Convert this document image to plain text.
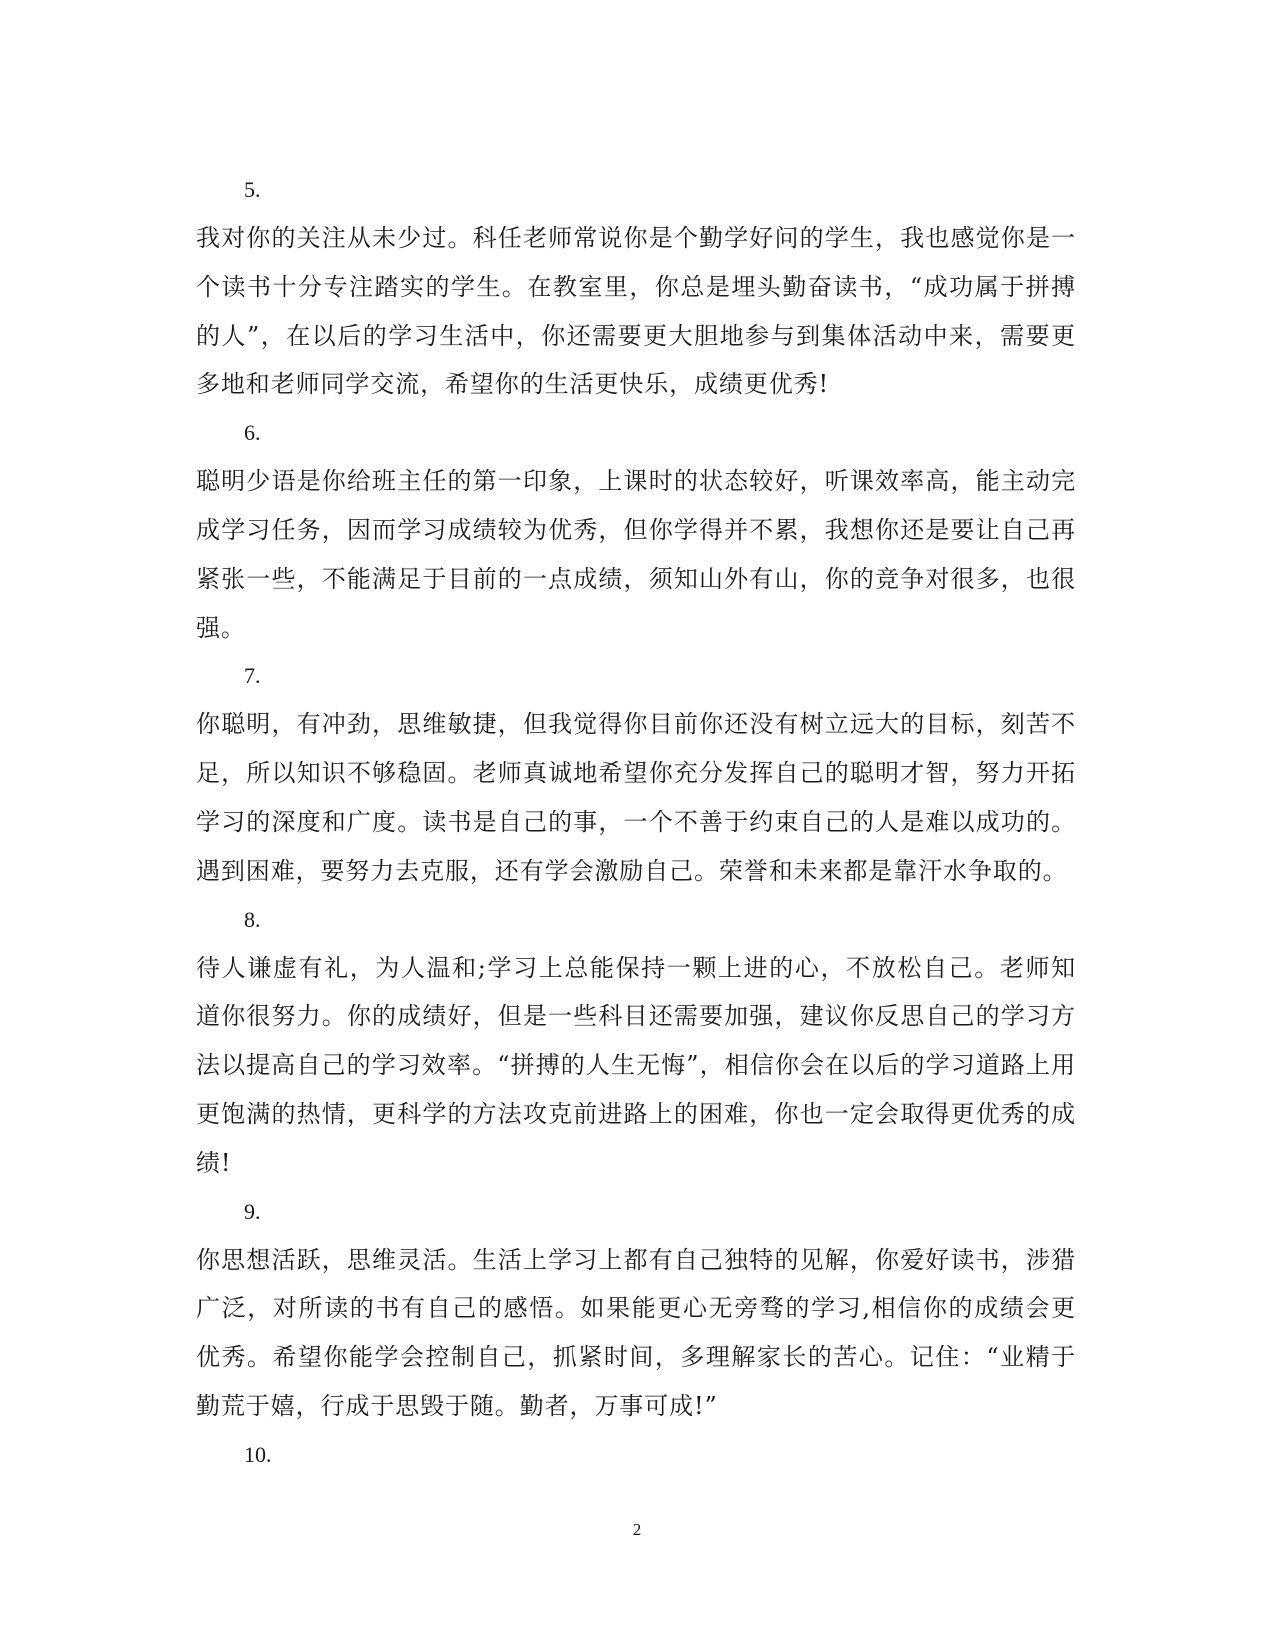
5.

我对你的关注从未少过。科任老师常说你是个勤学好问的学生，我也感觉你是一个读书十分专注踏实的学生。在教室里，你总是埋头勤奋读书，“成功属于拼搏的人”，在以后的学习生活中，你还需要更大胆地参与到集体活动中来，需要更多地和老师同学交流，希望你的生活更快乐，成绩更优秀!

6.

聪明少语是你给班主任的第一印象，上课时的状态较好，听课效率高，能主动完成学习任务，因而学习成绩较为优秀，但你学得并不累，我想你还是要让自己再紧张一些，不能满足于目前的一点成绩，须知山外有山，你的竞争对很多，也很强。

7.

你聪明，有冲劲，思维敏捷，但我觉得你目前你还没有树立远大的目标，刻苦不足，所以知识不够稳固。老师真诚地希望你充分发挥自己的聪明才智，努力开拓学习的深度和广度。读书是自己的事，一个不善于约束自己的人是难以成功的。遇到困难，要努力去克服，还有学会激励自己。荣誉和未来都是靠汗水争取的。

8.

待人谦虚有礼，为人温和;学习上总能保持一颗上进的心，不放松自己。老师知道你很努力。你的成绩好，但是一些科目还需要加强，建议你反思自己的学习方法以提高自己的学习效率。“拼搏的人生无悔”，相信你会在以后的学习道路上用更饱满的热情，更科学的方法攻克前进路上的困难，你也一定会取得更优秀的成绩!

9.

你思想活跃，思维灵活。生活上学习上都有自己独特的见解，你爱好读书，涉猎广泛，对所读的书有自己的感悟。如果能更心无旁骛的学习,相信你的成绩会更优秀。希望你能学会控制自己，抓紧时间，多理解家长的苦心。记住：“业精于勤荒于嬉，行成于思毁于随。勤者，万事可成!”

10.

2
